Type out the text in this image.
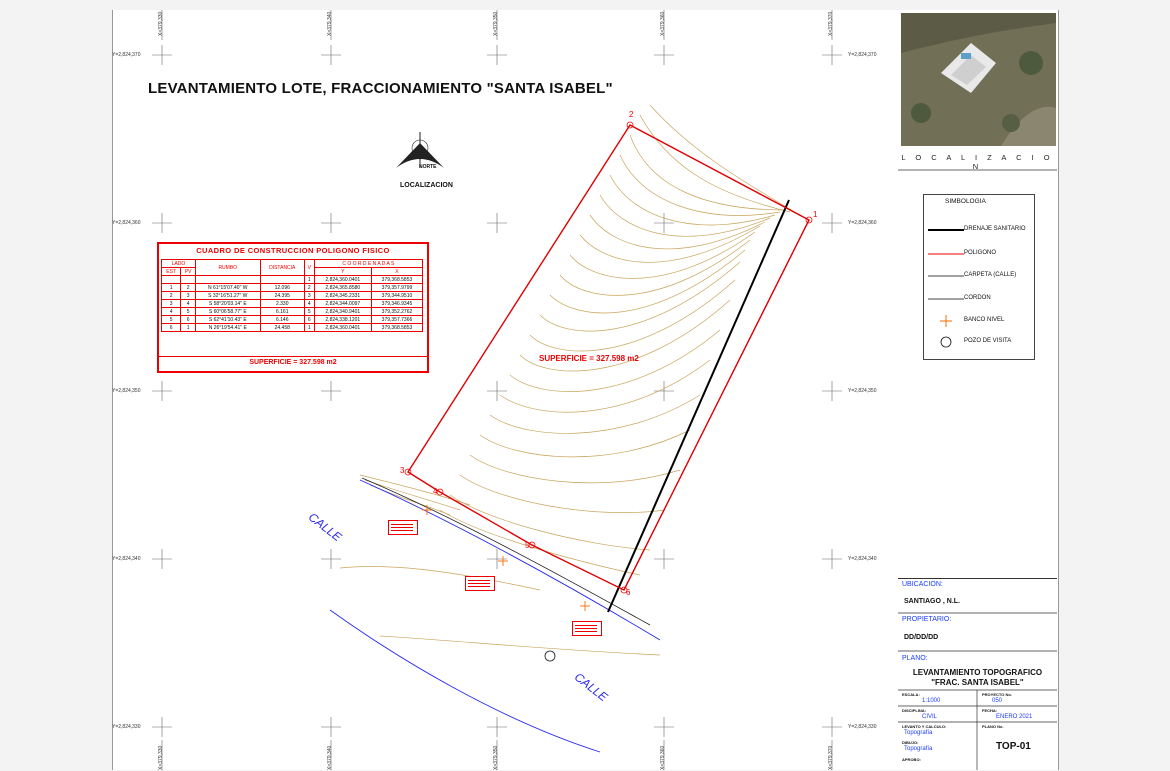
LEVANTAMIENTO LOTE, FRACCIONAMIENTO "SANTA ISABEL"
NORTE
LOCALIZACION
Y=2,824,370	Y=2,824,370
Y=2,824,360	Y=2,824,360
Y=2,824,350	Y=2,824,350
Y=2,824,340	Y=2,824,340
Y=2,824,330	Y=2,824,330
X=379,330	X=379,340	X=379,350	X=379,360	X=379,370
X=379,330	X=379,340	X=379,350	X=379,360	X=379,370
CUADRO DE CONSTRUCCION POLIGONO FISICO
LADO		RUMBO	DISTANCIA	V	C O O R D E N A D A S	
EST	PV				Y	X
				1	2,824,360.0401	379,368.5853
1	2	N 61°15'07.40" W	12.096	2	2,824,365.8580	379,357.9799
2	3	S 32°16'51.27" W	24.395	3	2,824,345.2331	379,344.9510
3	4	S 58°20'03.14" E	2.330	4	2,824,344.0097	379,346.9345
4	5	S 60°06'58.77" E	6.161	5	2,824,340.9401	379,352.2762
5	6	S 62°41'10.43" E	6.146	6	2,824,338.1201	379,357.7366
6	1	N 26°19'54.41" E	24.458	1	2,824,360.0401	379,368.5853
SUPERFICIE = 327.598 m2	SUPERFICIE = 327.598 m2
CALLE
CALLE
1
2
3
4
5
6
L O C A L I Z A C I O N
SIMBOLOGIA
DRENAJE SANITARIO
POLIGONO
CARPETA (CALLE)
CORDON
BANCO NIVEL
POZO DE VISITA
UBICACION:
SANTIAGO , N.L.
PROPIETARIO:
DD/DD/DD
PLANO:
LEVANTAMIENTO TOPOGRAFICO
"FRAC. SANTA ISABEL"
ESCALA:
1:1000
PROYECTO No.
050
DISCIPLINA:
CIVIL
FECHA:
ENERO 2021
LEVANTO Y CALCULO:
Topografía
DIBUJO:
Topografía
APROBO:
PLANO No.
TOP-01
